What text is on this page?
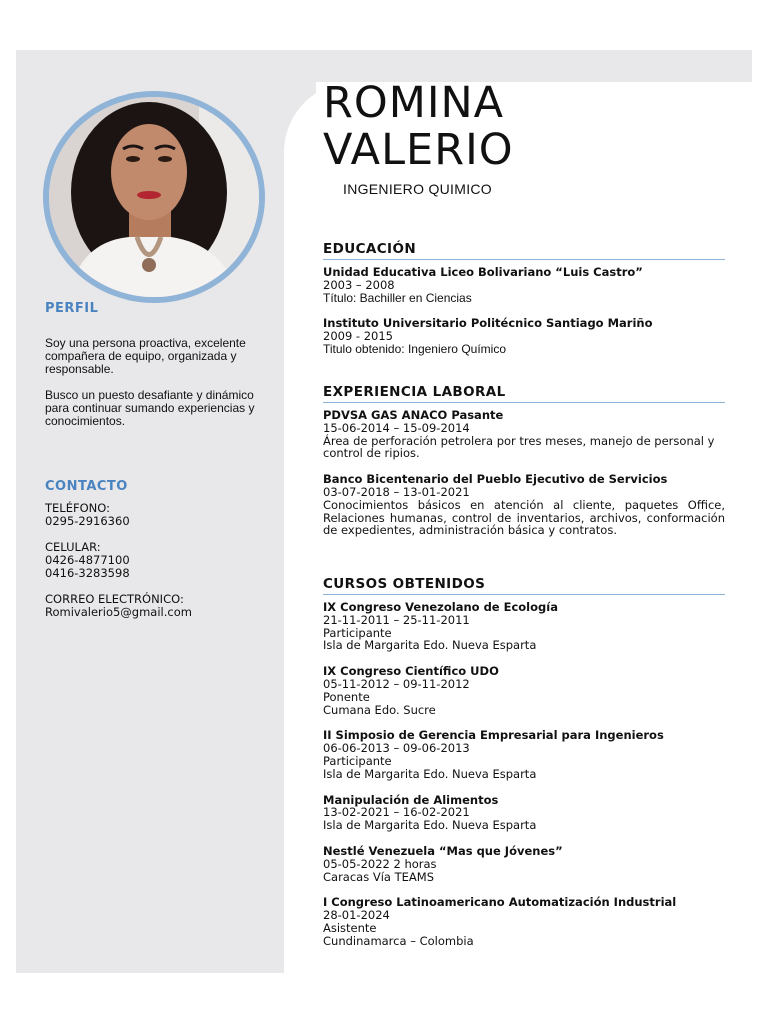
PERFIL

Soy una persona proactiva, excelente compañera de equipo, organizada y responsable.

Busco un puesto desafiante y dinámico para continuar sumando experiencias y conocimientos.

CONTACTO
TELÉFONO:
0295-2916360
CELULAR:
0426-4877100
0416-3283598
CORREO ELECTRÓNICO:
Romivalerio5@gmail.com
ROMINA
VALERIO
INGENIERO QUIMICO
EDUCACIÓN
Unidad Educativa Liceo Bolivariano “Luis Castro”
2003 – 2008
Título: Bachiller en Ciencias
Instituto Universitario Politécnico Santiago Mariño
2009 - 2015
Titulo obtenido: Ingeniero Químico
EXPERIENCIA LABORAL
PDVSA GAS ANACO Pasante
15-06-2014 – 15-09-2014
Área de perforación petrolera por tres meses, manejo de personal y control de ripios.
Banco Bicentenario del Pueblo Ejecutivo de Servicios
03-07-2018 – 13-01-2021
Conocimientos básicos en atención al cliente, paquetes Office, Relaciones humanas, control de inventarios, archivos, conformación de expedientes, administración básica y contratos.
CURSOS OBTENIDOS
IX Congreso Venezolano de Ecología
21-11-2011 – 25-11-2011
Participante
Isla de Margarita Edo. Nueva Esparta
IX Congreso Científico UDO
05-11-2012 – 09-11-2012
Ponente
Cumana Edo. Sucre
II Simposio de Gerencia Empresarial para Ingenieros
06-06-2013 – 09-06-2013
Participante
Isla de Margarita Edo. Nueva Esparta
Manipulación de Alimentos
13-02-2021 – 16-02-2021
Isla de Margarita Edo. Nueva Esparta
Nestlé Venezuela “Mas que Jóvenes”
05-05-2022 2 horas
Caracas Vía TEAMS
I Congreso Latinoamericano Automatización Industrial
28-01-2024
Asistente
Cundinamarca – Colombia
